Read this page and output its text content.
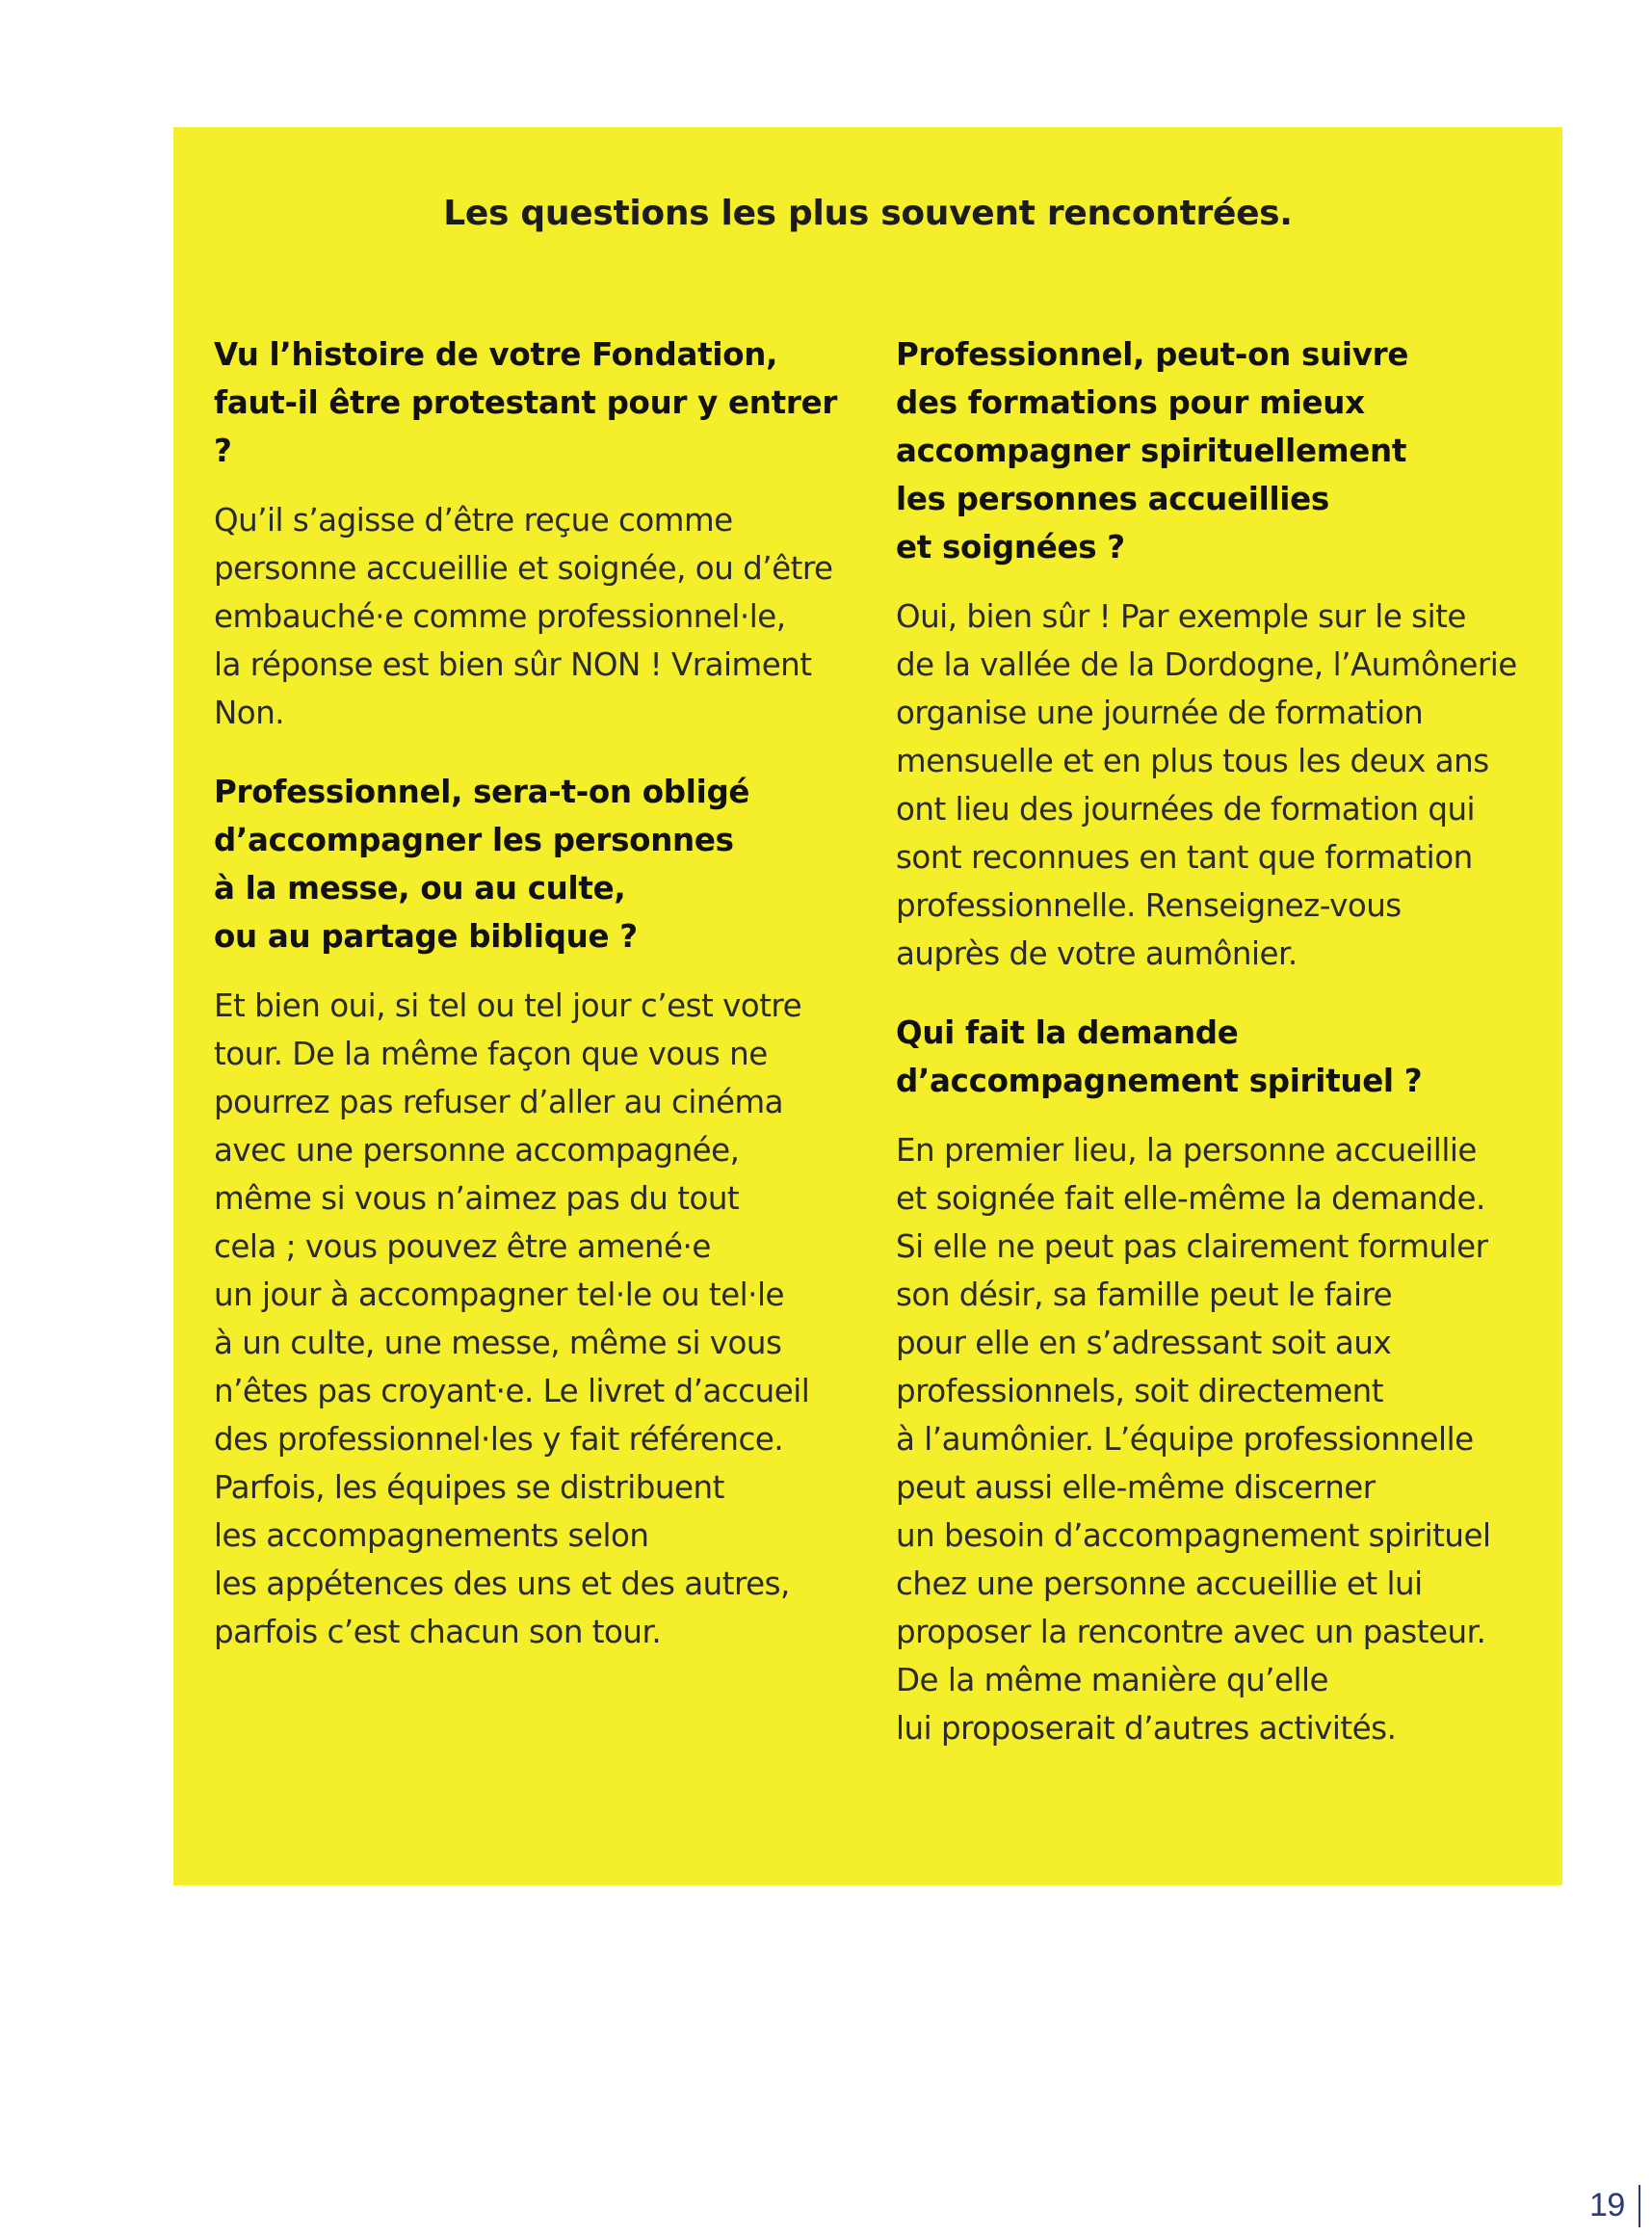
Les questions les plus souvent rencontrées.

Vu l’histoire de votre Fondation,
faut-il être protestant pour y entrer ?

Qu’il s’agisse d’être reçue comme
personne accueillie et soignée, ou d’être
embauché·e comme professionnel·le,
la réponse est bien sûr NON ! Vraiment
Non.

Professionnel, sera-t-on obligé
d’accompagner les personnes
à la messe, ou au culte,
ou au partage biblique ?

Et bien oui, si tel ou tel jour c’est votre
tour. De la même façon que vous ne
pourrez pas refuser d’aller au cinéma
avec une personne accompagnée,
même si vous n’aimez pas du tout
cela ; vous pouvez être amené·e
un jour à accompagner tel·le ou tel·le
à un culte, une messe, même si vous
n’êtes pas croyant·e. Le livret d’accueil
des professionnel·les y fait référence.
Parfois, les équipes se distribuent
les accompagnements selon
les appétences des uns et des autres,
parfois c’est chacun son tour.

Professionnel, peut-on suivre
des formations pour mieux
accompagner spirituellement
les personnes accueillies
et soignées ?

Oui, bien sûr ! Par exemple sur le site
de la vallée de la Dordogne, l’Aumônerie
organise une journée de formation
mensuelle et en plus tous les deux ans
ont lieu des journées de formation qui
sont reconnues en tant que formation
professionnelle. Renseignez-vous
auprès de votre aumônier.

Qui fait la demande
d’accompagnement spirituel ?

En premier lieu, la personne accueillie
et soignée fait elle-même la demande.
Si elle ne peut pas clairement formuler
son désir, sa famille peut le faire
pour elle en s’adressant soit aux
professionnels, soit directement
à l’aumônier. L’équipe professionnelle
peut aussi elle-même discerner
un besoin d’accompagnement spirituel
chez une personne accueillie et lui
proposer la rencontre avec un pasteur.
De la même manière qu’elle
lui proposerait d’autres activités.

19
